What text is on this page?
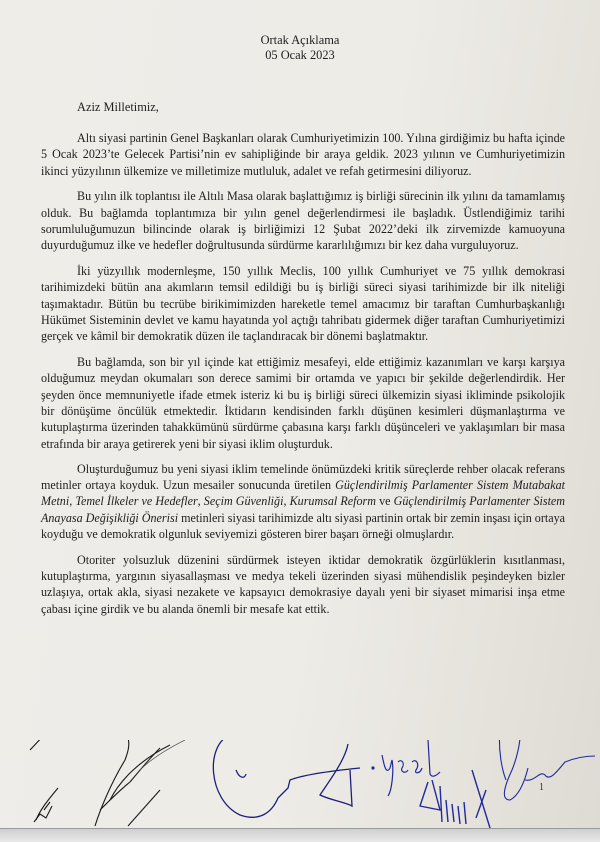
Ortak Açıklama
05 Ocak 2023
Aziz Milletimiz,

Altı siyasi partinin Genel Başkanları olarak Cumhuriyetimizin 100. Yılına girdiğimiz bu hafta içinde 5 Ocak 2023’te Gelecek Partisi’nin ev sahipliğinde bir araya geldik. 2023 yılının ve Cumhuriyetimizin ikinci yüzyılının ülkemize ve milletimize mutluluk, adalet ve refah getirmesini diliyoruz.

Bu yılın ilk toplantısı ile Altılı Masa olarak başlattığımız iş birliği sürecinin ilk yılını da tamamlamış olduk. Bu bağlamda toplantımıza bir yılın genel değerlendirmesi ile başladık. Üstlendiğimiz tarihi sorumluluğumuzun bilincinde olarak iş birliğimizi 12 Şubat 2022’deki ilk zirvemizde kamuoyuna duyurduğumuz ilke ve hedefler doğrultusunda sürdürme kararlılığımızı bir kez daha vurguluyoruz.

İki yüzyıllık modernleşme, 150 yıllık Meclis, 100 yıllık Cumhuriyet ve 75 yıllık demokrasi tarihimizdeki bütün ana akımların temsil edildiği bu iş birliği süreci siyasi tarihimizde bir ilk niteliği taşımaktadır. Bütün bu tecrübe birikimimizden hareketle temel amacımız bir taraftan Cumhurbaşkanlığı Hükümet Sisteminin devlet ve kamu hayatında yol açtığı tahribatı gidermek diğer taraftan Cumhuriyetimizi gerçek ve kâmil bir demokratik düzen ile taçlandıracak bir dönemi başlatmaktır.

Bu bağlamda, son bir yıl içinde kat ettiğimiz mesafeyi, elde ettiğimiz kazanımları ve karşı karşıya olduğumuz meydan okumaları son derece samimi bir ortamda ve yapıcı bir şekilde değerlendirdik. Her şeyden önce memnuniyetle ifade etmek isteriz ki bu iş birliği süreci ülkemizin siyasi ikliminde psikolojik bir dönüşüme öncülük etmektedir. İktidarın kendisinden farklı düşünen kesimleri düşmanlaştırma ve kutuplaştırma üzerinden tahakkümünü sürdürme çabasına karşı farklı düşünceleri ve yaklaşımları bir masa etrafında bir araya getirerek yeni bir siyasi iklim oluşturduk.

Oluşturduğumuz bu yeni siyasi iklim temelinde önümüzdeki kritik süreçlerde rehber olacak referans metinler ortaya koyduk. Uzun mesailer sonucunda üretilen Güçlendirilmiş Parlamenter Sistem Mutabakat Metni, Temel İlkeler ve Hedefler, Seçim Güvenliği, Kurumsal Reform ve Güçlendirilmiş Parlamenter Sistem Anayasa Değişikliği Önerisi metinleri siyasi tarihimizde altı siyasi partinin ortak bir zemin inşası için ortaya koyduğu ve demokratik olgunluk seviyemizi gösteren birer başarı örneği olmuşlardır.

Otoriter yolsuzluk düzenini sürdürmek isteyen iktidar demokratik özgürlüklerin kısıtlanması, kutuplaştırma, yargının siyasallaşması ve medya tekeli üzerinden siyasi mühendislik peşindeyken bizler uzlaşıya, ortak akla, siyasi nezakete ve kapsayıcı demokrasiye dayalı yeni bir siyaset mimarisi inşa etme çabası içine girdik ve bu alanda önemli bir mesafe kat ettik.

1
